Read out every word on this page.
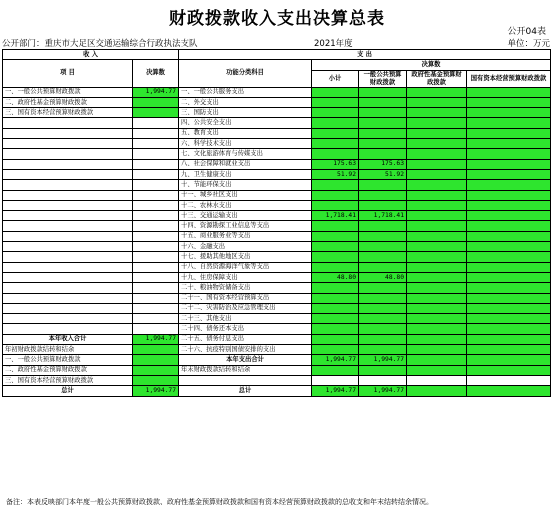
财政拨款收入支出决算总表
公开04表
公开部门：重庆市大足区交通运输综合行政执法支队	2021年度	单位：万元
收 入		支 出				
项 目	决算数	功能分类科目	决算数			
			小计	一般公共预算财政拨款	政府性基金预算财政拨款	国有资本经营预算财政拨款

一、一般公共预算财政拨款	1,994.77	一、一般公共服务支出				
二、政府性基金预算财政拨款		二、外交支出				
三、国有资本经营预算财政拨款		三、国防支出				
		四、公共安全支出				
		五、教育支出				
		六、科学技术支出				
		七、文化旅游体育与传媒支出				
		八、社会保障和就业支出	175.63	175.63		
		九、卫生健康支出	51.92	51.92		
		十、节能环保支出				
		十一、城乡社区支出				
		十二、农林水支出				
		十三、交通运输支出	1,718.41	1,718.41		
		十四、资源勘探工业信息等支出				
		十五、商业服务业等支出				
		十六、金融支出				
		十七、援助其他地区支出				
		十八、自然资源海洋气象等支出				
		十九、住房保障支出	48.80	48.80		
		二十、粮油物资储备支出				
		二十一、国有资本经营预算支出				
		二十二、灾害防治及应急管理支出				
		二十三、其他支出				
		二十四、债务还本支出				
本年收入合计	1,994.77	二十五、债务付息支出				
年初财政拨款结转和结余		二十六、抗疫特别国债安排的支出				
一、一般公共预算财政拨款		本年支出合计	1,994.77	1,994.77		
二、政府性基金预算财政拨款		年末财政拨款结转和结余				
三、国有资本经营预算财政拨款						
总计	1,994.77	总计	1,994.77	1,994.77		
备注：本表反映部门本年度一般公共预算财政拨款、政府性基金预算财政拨款和国有资本经营预算财政拨款的总收支和年末结转结余情况。
